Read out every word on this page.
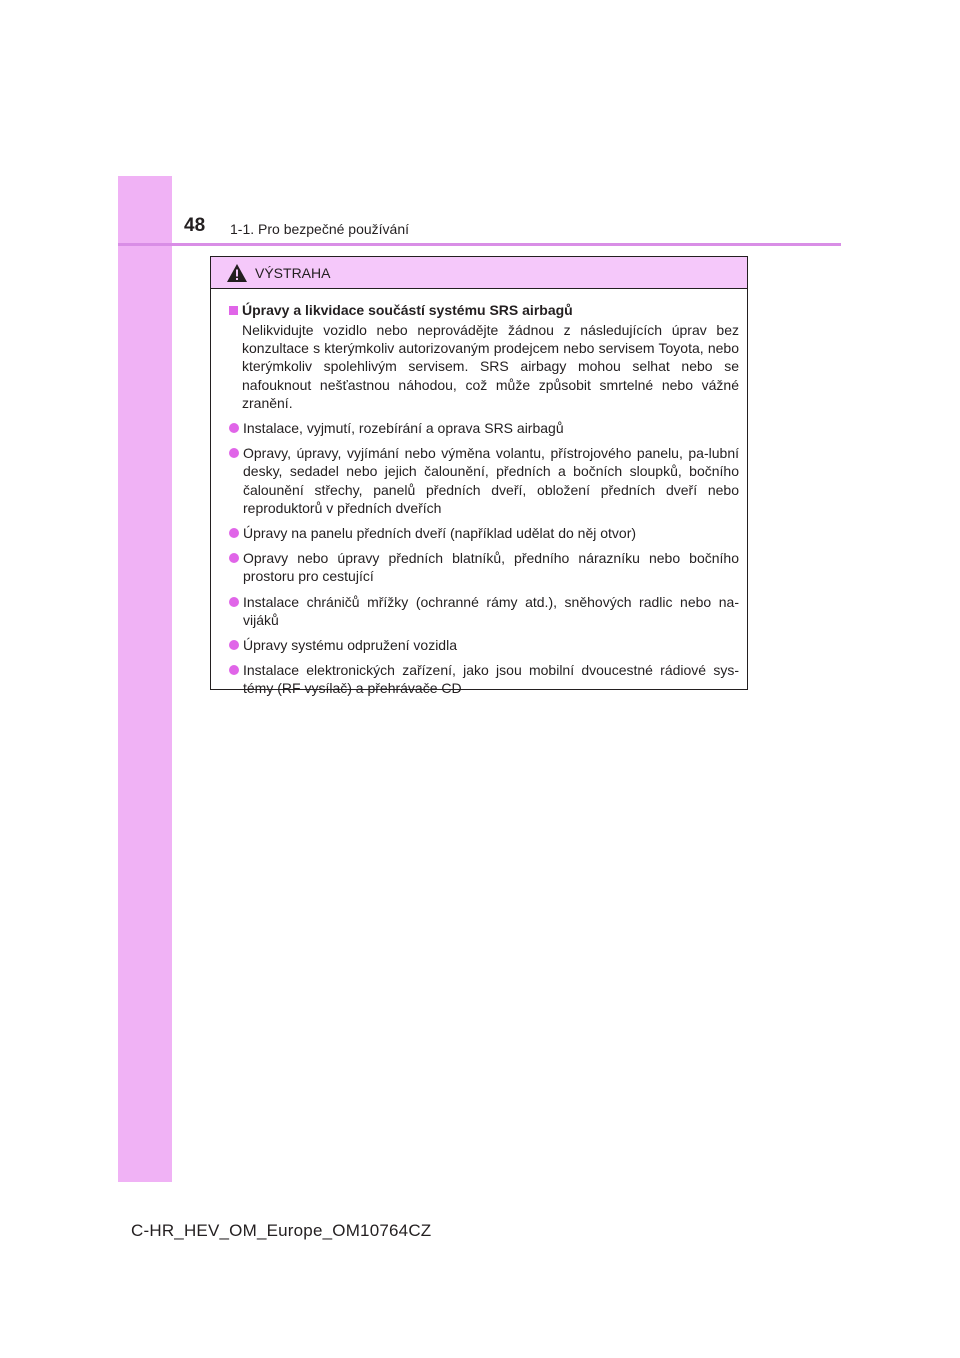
48 1-1. Pro bezpečné používání
VÝSTRAHA
Úpravy a likvidace součástí systému SRS airbagů

Nelikvidujte vozidlo nebo neprovádějte žádnou z následujících úprav bez konzultace s kterýmkoliv autorizovaným prodejcem nebo servisem Toyota, nebo kterýmkoliv spolehlivým servisem. SRS airbagy mohou selhat nebo se nafouknout nešťastnou náhodou, což může způsobit smrtelné nebo vážné zranění.

Instalace, vyjmutí, rozebírání a oprava SRS airbagů
Opravy, úpravy, vyjímání nebo výměna volantu, přístrojového panelu, pa-lubní desky, sedadel nebo jejich čalounění, předních a bočních sloupků, bočního čalounění střechy, panelů předních dveří, obložení předních dveří nebo reproduktorů v předních dveřích
Úpravy na panelu předních dveří (například udělat do něj otvor)
Opravy nebo úpravy předních blatníků, předního nárazníku nebo bočního prostoru pro cestující
Instalace chráničů mřížky (ochranné rámy atd.), sněhových radlic nebo na-vijáků
Úpravy systému odpružení vozidla
Instalace elektronických zařízení, jako jsou mobilní dvoucestné rádiové sys-témy (RF vysílač) a přehrávače CD
C-HR_HEV_OM_Europe_OM10764CZ
